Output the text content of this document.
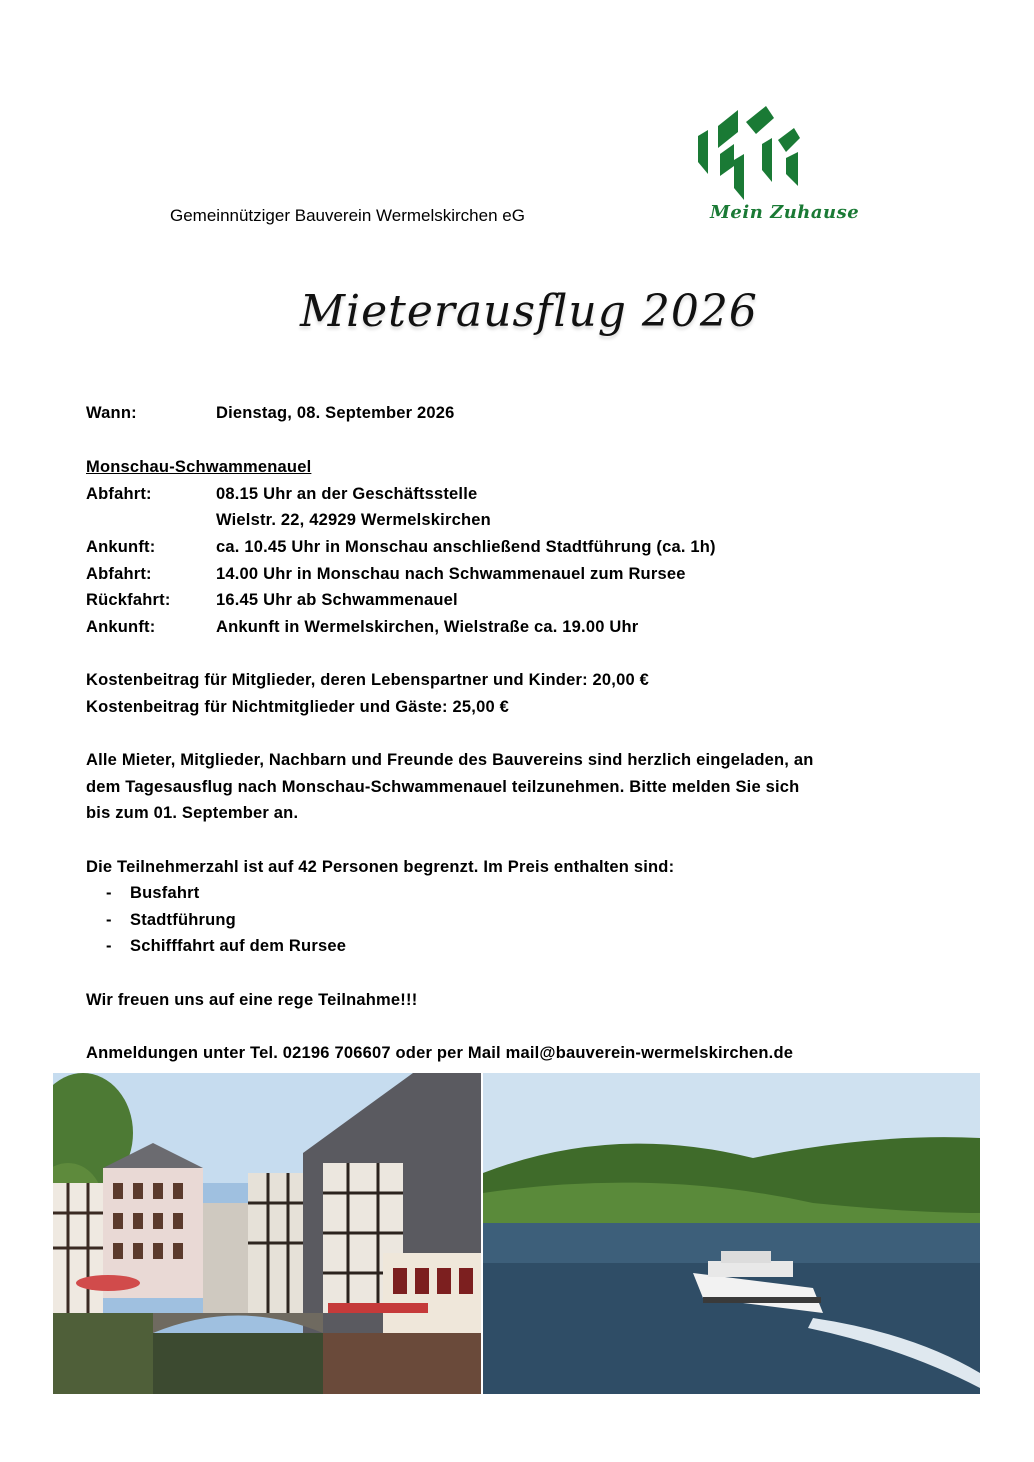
Gemeinnütziger Bauverein Wermelskirchen eG	Mein Zuhause
Mieterausflug 2026
Wann:	Dienstag, 08. September 2026
Monschau-Schwammenauel
Abfahrt:	08.15 Uhr an der Geschäftsstelle
Wielstr. 22, 42929 Wermelskirchen
Ankunft:	ca. 10.45 Uhr in Monschau anschließend Stadtführung (ca. 1h)
Abfahrt:	14.00 Uhr in Monschau nach Schwammenauel zum Rursee
Rückfahrt:	16.45 Uhr ab Schwammenauel
Ankunft:	Ankunft in Wermelskirchen, Wielstraße ca. 19.00 Uhr
Kostenbeitrag für Mitglieder, deren Lebenspartner und Kinder: 20,00 €
Kostenbeitrag für Nichtmitglieder und Gäste: 25,00 €
Alle Mieter, Mitglieder, Nachbarn und Freunde des Bauvereins sind herzlich eingeladen, an
dem Tagesausflug nach Monschau-Schwammenauel teilzunehmen. Bitte melden Sie sich
bis zum 01. September an.
Die Teilnehmerzahl ist auf 42 Personen begrenzt. Im Preis enthalten sind:
- Busfahrt
- Stadtführung
- Schifffahrt auf dem Rursee
Wir freuen uns auf eine rege Teilnahme!!!
Anmeldungen unter Tel. 02196 706607 oder per Mail mail@bauverein-wermelskirchen.de
